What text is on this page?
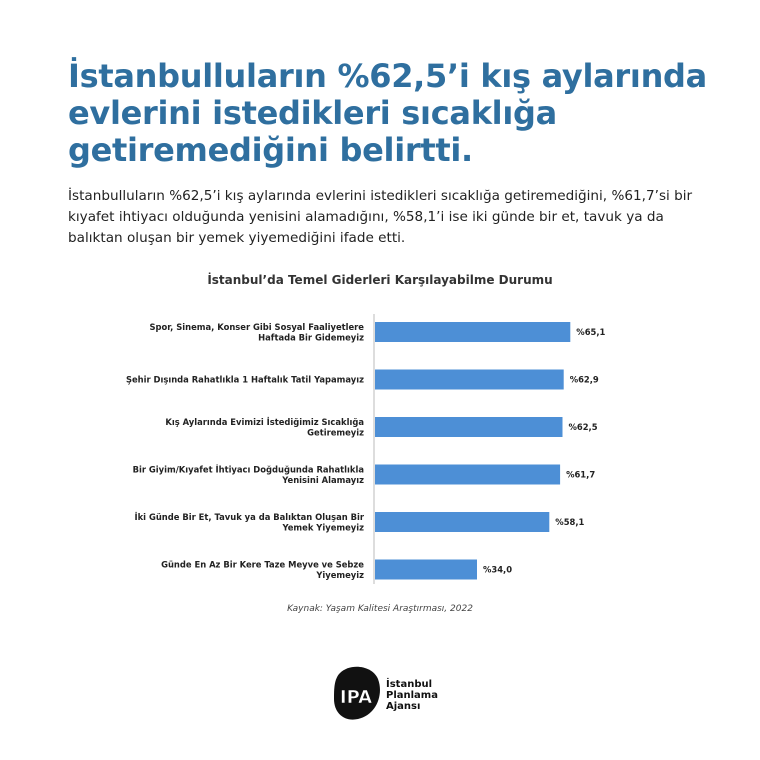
İstanbulluların %62,5’i kış aylarında evlerini istedikleri sıcaklığa getiremediğini belirtti.

İstanbulluların %62,5’i kış aylarında evlerini istedikleri sıcaklığa getiremediğini, %61,7’si bir kıyafet ihtiyacı olduğunda yenisini alamadığını, %58,1’i ise iki günde bir et, tavuk ya da balıktan oluşan bir yemek yiyemediğini ifade etti.

İstanbul’da Temel Giderleri Karşılayabilme Durumu

%65,1
Spor, Sinema, Konser Gibi Sosyal Faaliyetlere
Haftada Bir Gidemeyiz
%62,9
Şehir Dışında Rahatlıkla 1 Haftalık Tatil Yapamayız
%62,5
Kış Aylarında Evimizi İstediğimiz Sıcaklığa
Getiremeyiz
%61,7
Bir Giyim/Kıyafet İhtiyacı Doğduğunda Rahatlıkla
Yenisini Alamayız
%58,1
İki Günde Bir Et, Tavuk ya da Balıktan Oluşan Bir
Yemek Yiyemeyiz
%34,0
Günde En Az Bir Kere Taze Meyve ve Sebze
Yiyemeyiz

Kaynak: Yaşam Kalitesi Araştırması, 2022

IPA
İstanbul
Planlama
Ajansı
